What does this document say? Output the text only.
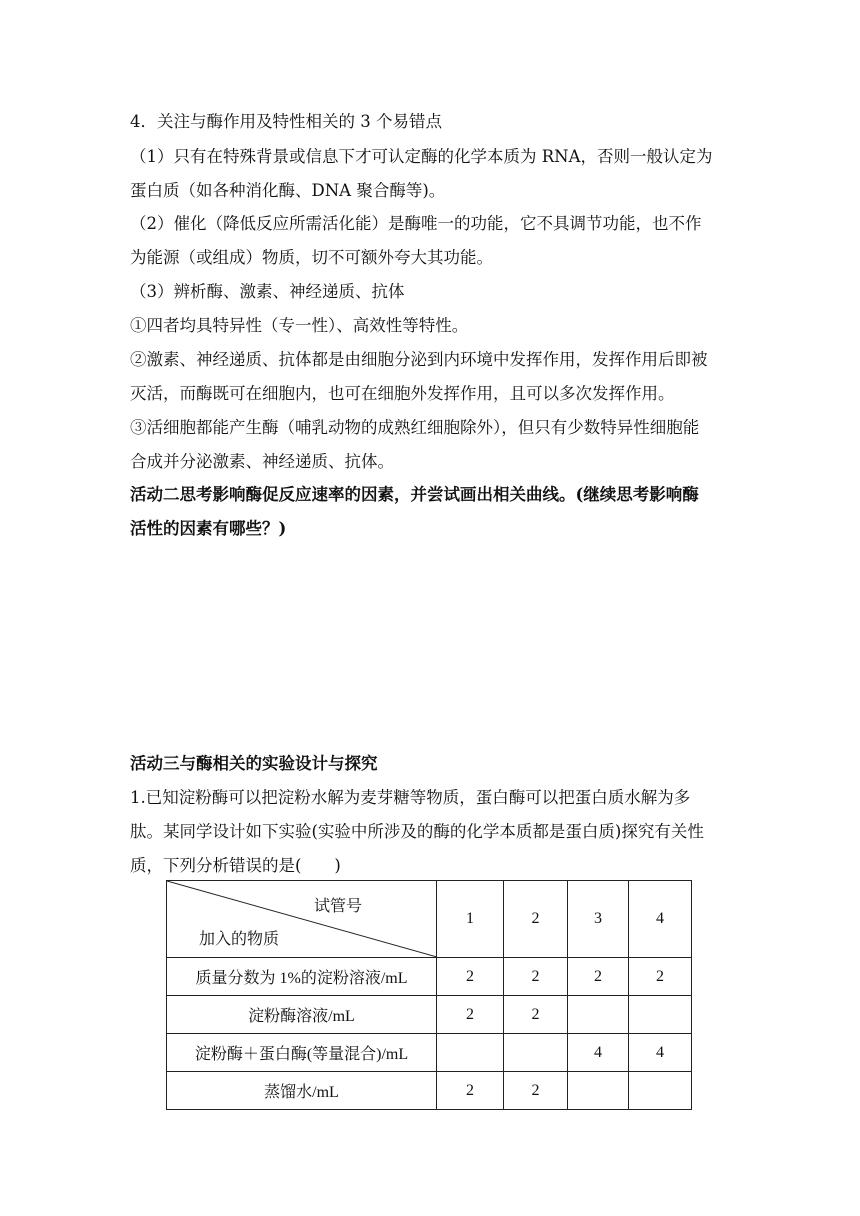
4．关注与酶作用及特性相关的 3 个易错点
（1）只有在特殊背景或信息下才可认定酶的化学本质为 RNA，否则一般认定为
蛋白质（如各种消化酶、DNA 聚合酶等)。
（2）催化（降低反应所需活化能）是酶唯一的功能，它不具调节功能，也不作
为能源（或组成）物质，切不可额外夸大其功能。
（3）辨析酶、激素、神经递质、抗体
①四者均具特异性（专一性）、高效性等特性。
②激素、神经递质、抗体都是由细胞分泌到内环境中发挥作用，发挥作用后即被
灭活，而酶既可在细胞内，也可在细胞外发挥作用，且可以多次发挥作用。
③活细胞都能产生酶（哺乳动物的成熟红细胞除外），但只有少数特异性细胞能
合成并分泌激素、神经递质、抗体。
活动二思考影响酶促反应速率的因素，并尝试画出相关曲线。(继续思考影响酶
活性的因素有哪些？)
活动三与酶相关的实验设计与探究
1.已知淀粉酶可以把淀粉水解为麦芽糖等物质，蛋白酶可以把蛋白质水解为多
肽。某同学设计如下实验(实验中所涉及的酶的化学本质都是蛋白质)探究有关性
质，下列分析错误的是(　　)
试管号
加入的物质	1	2	3	4
质量分数为 1%的淀粉溶液/mL	2	2	2	2
淀粉酶溶液/mL	2	2		
淀粉酶＋蛋白酶(等量混合)/mL			4	4
蒸馏水/mL	2	2		
